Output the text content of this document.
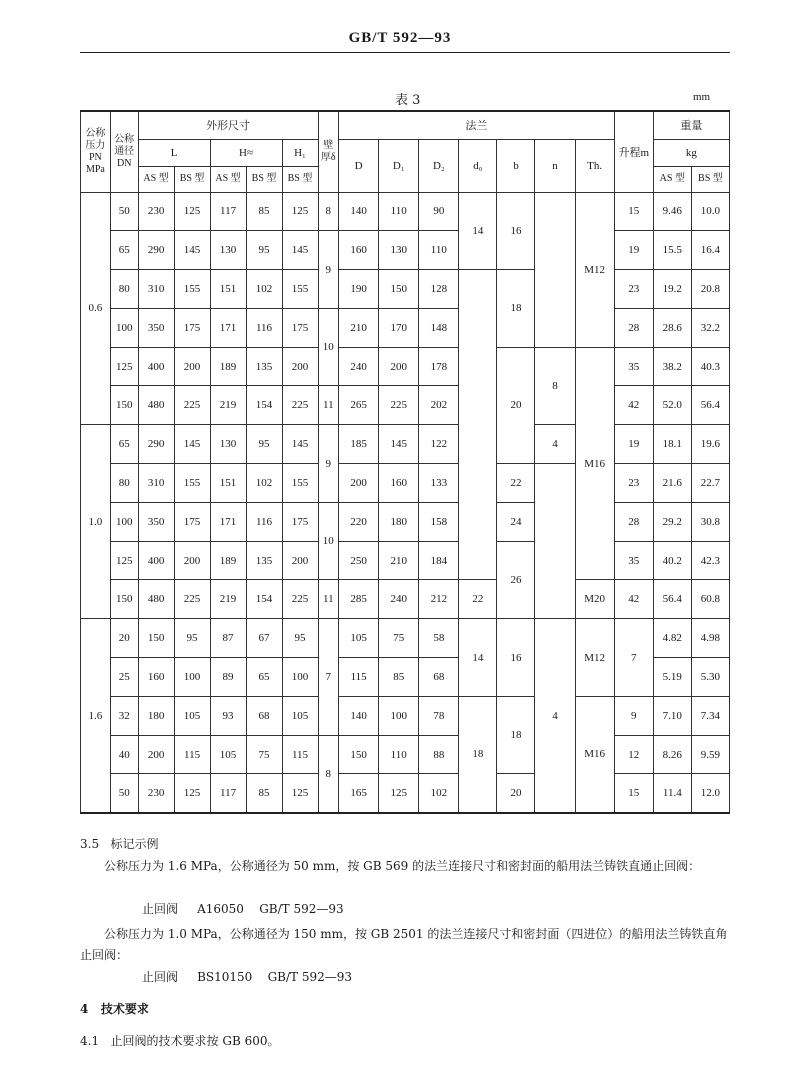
GB/T 592—93
表 3	mm
公称压力PN MPa	公称通径DN	外形尺寸					壁厚δ	法兰							升程m	重量	
		L		H≈		H₁		D	D₁	D₂	d₀	b	n	Th.		kg	
		AS 型	BS 型	AS 型	BS 型	BS 型										AS 型	BS 型
0.6	50	230	125	117	85	125	8	140	110	90	14	16		M12	15	9.46	10.0
	65	290	145	130	95	145	9	160	130	110					19	15.5	16.4
	80	310	155	151	102	155		190	150	128		18			23	19.2	20.8
	100	350	175	171	116	175	10	210	170	148					28	28.6	32.2
	125	400	200	189	135	200		240	200	178		20	8	M16	35	38.2	40.3
	150	480	225	219	154	225	11	265	225	202					42	52.0	56.4
1.0	65	290	145	130	95	145	9	185	145	122			4		19	18.1	19.6
	80	310	155	151	102	155		200	160	133		22			23	21.6	22.7
	100	350	175	171	116	175	10	220	180	158		24			28	29.2	30.8
	125	400	200	189	135	200		250	210	184		26			35	40.2	42.3
	150	480	225	219	154	225	11	285	240	212	22			M20	42	56.4	60.8
1.6	20	150	95	87	67	95	7	105	75	58	14	16	4	M12	7	4.82	4.98
	25	160	100	89	65	100		115	85	68						5.19	5.30
	32	180	105	93	68	105		140	100	78	18	18		M16	9	7.10	7.34
	40	200	115	105	75	115	8	150	110	88					12	8.26	9.59
	50	230	125	117	85	125		165	125	102		20			15	11.4	12.0
3.5 标记示例
公称压力为 1.6 MPa，公称通径为 50 mm，按 GB 569 的法兰连接尺寸和密封面的船用法兰铸铁直通止回阀：
止回阀 A16050 GB/T 592—93
公称压力为 1.0 MPa，公称通径为 150 mm，按 GB 2501 的法兰连接尺寸和密封面（四进位）的船用法兰铸铁直角止回阀：
止回阀 BS10150 GB/T 592—93
4 技术要求
4.1 止回阀的技术要求按 GB 600。
